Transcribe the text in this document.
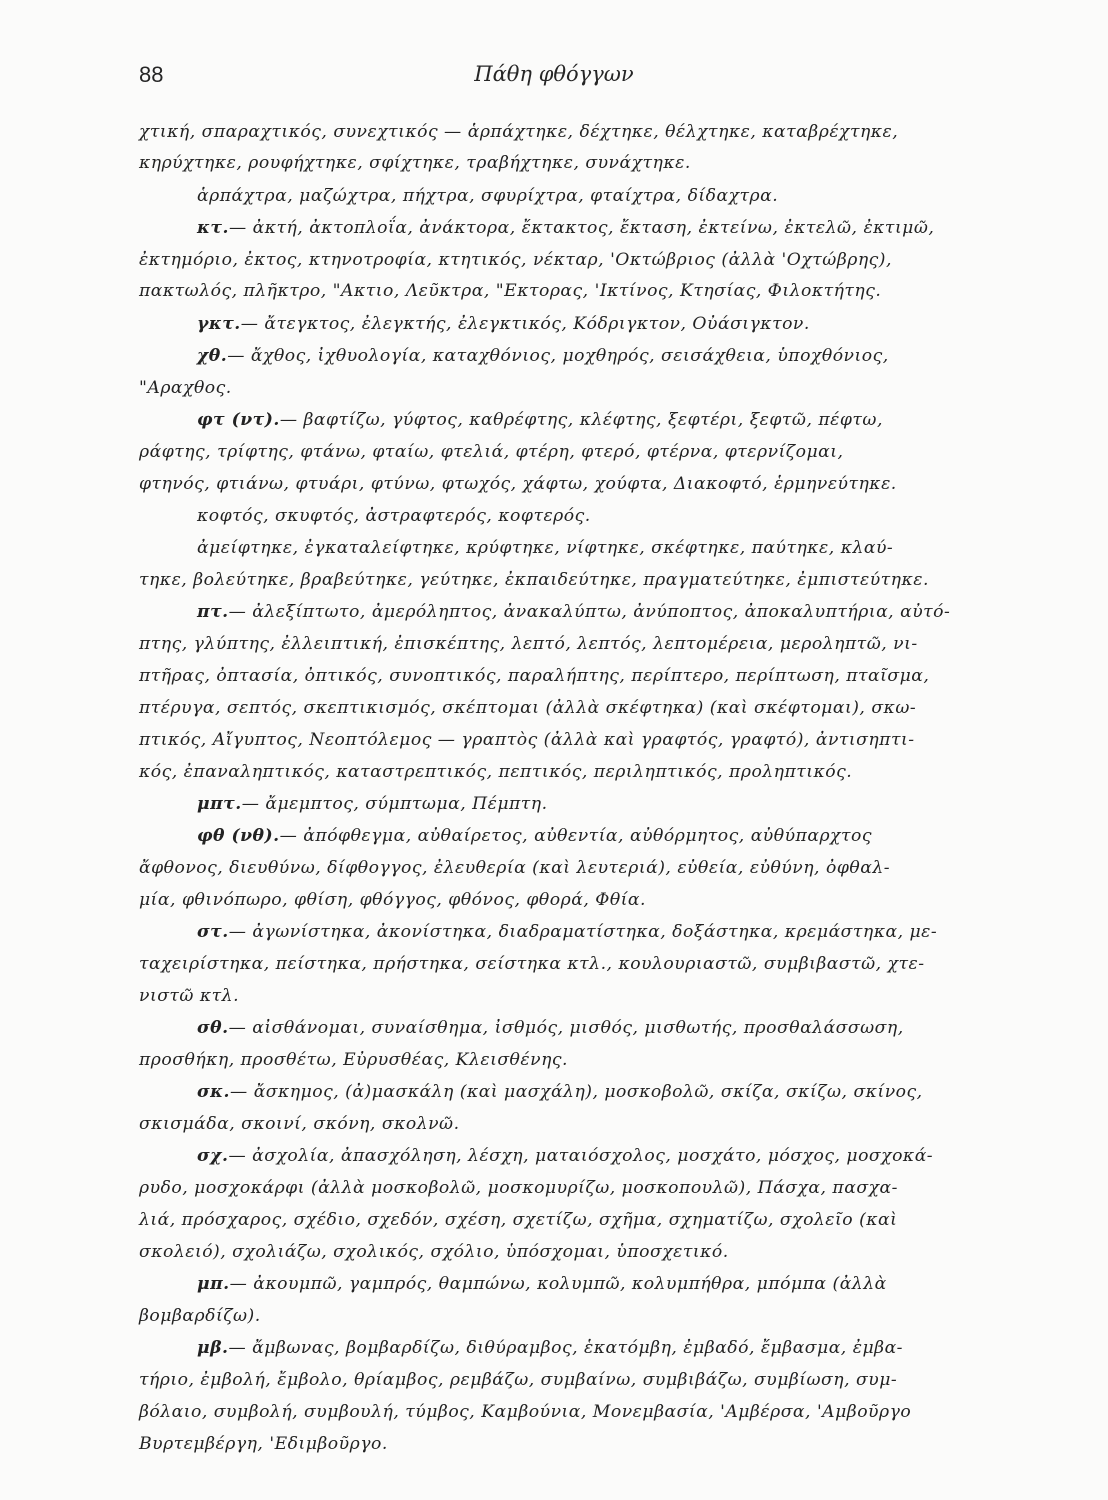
88	Πάθη φθόγγων
χτική, σπαραχτικός, συνεχτικός — ἁρπάχτηκε, δέχτηκε, θέλχτηκε, καταβρέχτηκε,
κηρύχτηκε, ρουφήχτηκε, σφίχτηκε, τραβήχτηκε, συνάχτηκε.
ἁρπάχτρα, μαζώχτρα, πήχτρα, σφυρίχτρα, φταίχτρα, δίδαχτρα.
κτ.— ἀκτή, ἀκτοπλοΐα, ἀνάκτορα, ἔκτακτος, ἔκταση, ἐκτείνω, ἐκτελῶ, ἐκτιμῶ,
ἐκτημόριο, ἐκτος, κτηνοτροφία, κτητικός, νέκταρ, 'Οκτώβριος (ἀλλὰ 'Οχτώβρης),
πακτωλός, πλῆκτρο, "Ακτιο, Λεῦκτρα, "Εκτορας, 'Ικτίνος, Κτησίας, Φιλοκτήτης.
γκτ.— ἄτεγκτος, ἐλεγκτής, ἐλεγκτικός, Κόδριγκτον, Οὐάσιγκτον.
χθ.— ἄχθος, ἰχθυολογία, καταχθόνιος, μοχθηρός, σεισάχθεια, ὑποχθόνιος,
"Αραχθος.
φτ (ντ).— βαφτίζω, γύφτος, καθρέφτης, κλέφτης, ξεφτέρι, ξεφτῶ, πέφτω,
ράφτης, τρίφτης, φτάνω, φταίω, φτελιά, φτέρη, φτερό, φτέρνα, φτερνίζομαι,
φτηνός, φτιάνω, φτυάρι, φτύνω, φτωχός, χάφτω, χούφτα, Διακοφτό, ἑρμηνεύτηκε.
κοφτός, σκυφτός, ἀστραφτερός, κοφτερός.
ἀμείφτηκε, ἐγκαταλείφτηκε, κρύφτηκε, νίφτηκε, σκέφτηκε, παύτηκε, κλαύ-
τηκε, βολεύτηκε, βραβεύτηκε, γεύτηκε, ἐκπαιδεύτηκε, πραγματεύτηκε, ἐμπιστεύτηκε.
πτ.— ἀλεξίπτωτο, ἀμερόληπτος, ἀνακαλύπτω, ἀνύποπτος, ἀποκαλυπτήρια, αὐτό-
πτης, γλύπτης, ἐλλειπτική, ἐπισκέπτης, λεπτό, λεπτός, λεπτομέρεια, μεροληπτῶ, νι-
πτῆρας, ὀπτασία, ὀπτικός, συνοπτικός, παραλήπτης, περίπτερο, περίπτωση, πταῖσμα,
πτέρυγα, σεπτός, σκεπτικισμός, σκέπτομαι (ἀλλὰ σκέφτηκα) (καὶ σκέφτομαι), σκω-
πτικός, Αἴγυπτος, Νεοπτόλεμος — γραπτὸς (ἀλλὰ καὶ γραφτός, γραφτό), ἀντισηπτι-
κός, ἐπαναληπτικός, καταστρεπτικός, πεπτικός, περιληπτικός, προληπτικός.
μπτ.— ἄμεμπτος, σύμπτωμα, Πέμπτη.
φθ (νθ).— ἀπόφθεγμα, αὐθαίρετος, αὐθεντία, αὐθόρμητος, αὐθύπαρχτος
ἄφθονος, διευθύνω, δίφθογγος, ἐλευθερία (καὶ λευτεριά), εὐθεία, εὐθύνη, ὀφθαλ-
μία, φθινόπωρο, φθίση, φθόγγος, φθόνος, φθορά, Φθία.
στ.— ἀγωνίστηκα, ἀκονίστηκα, διαδραματίστηκα, δοξάστηκα, κρεμάστηκα, με-
ταχειρίστηκα, πείστηκα, πρήστηκα, σείστηκα κτλ., κουλουριαστῶ, συμβιβαστῶ, χτε-
νιστῶ κτλ.
σθ.— αἰσθάνομαι, συναίσθημα, ἰσθμός, μισθός, μισθωτής, προσθαλάσσωση,
προσθήκη, προσθέτω, Εὐρυσθέας, Κλεισθένης.
σκ.— ἄσκημος, (ἀ)μασκάλη (καὶ μασχάλη), μοσκοβολῶ, σκίζα, σκίζω, σκίνος,
σκισμάδα, σκοινί, σκόνη, σκολνῶ.
σχ.— ἀσχολία, ἀπασχόληση, λέσχη, ματαιόσχολος, μοσχάτο, μόσχος, μοσχοκά-
ρυδο, μοσχοκάρφι (ἀλλὰ μοσκοβολῶ, μοσκομυρίζω, μοσκοπουλῶ), Πάσχα, πασχα-
λιά, πρόσχαρος, σχέδιο, σχεδόν, σχέση, σχετίζω, σχῆμα, σχηματίζω, σχολεῖο (καὶ
σκολειό), σχολιάζω, σχολικός, σχόλιο, ὑπόσχομαι, ὑποσχετικό.
μπ.— ἀκουμπῶ, γαμπρός, θαμπώνω, κολυμπῶ, κολυμπήθρα, μπόμπα (ἀλλὰ
βομβαρδίζω).
μβ.— ἄμβωνας, βομβαρδίζω, διθύραμβος, ἑκατόμβη, ἐμβαδό, ἔμβασμα, ἐμβα-
τήριο, ἐμβολή, ἔμβολο, θρίαμβος, ρεμβάζω, συμβαίνω, συμβιβάζω, συμβίωση, συμ-
βόλαιο, συμβολή, συμβουλή, τύμβος, Καμβούνια, Μονεμβασία, 'Αμβέρσα, 'Αμβοῦργο
Βυρτεμβέργη, 'Εδιμβοῦργο.
